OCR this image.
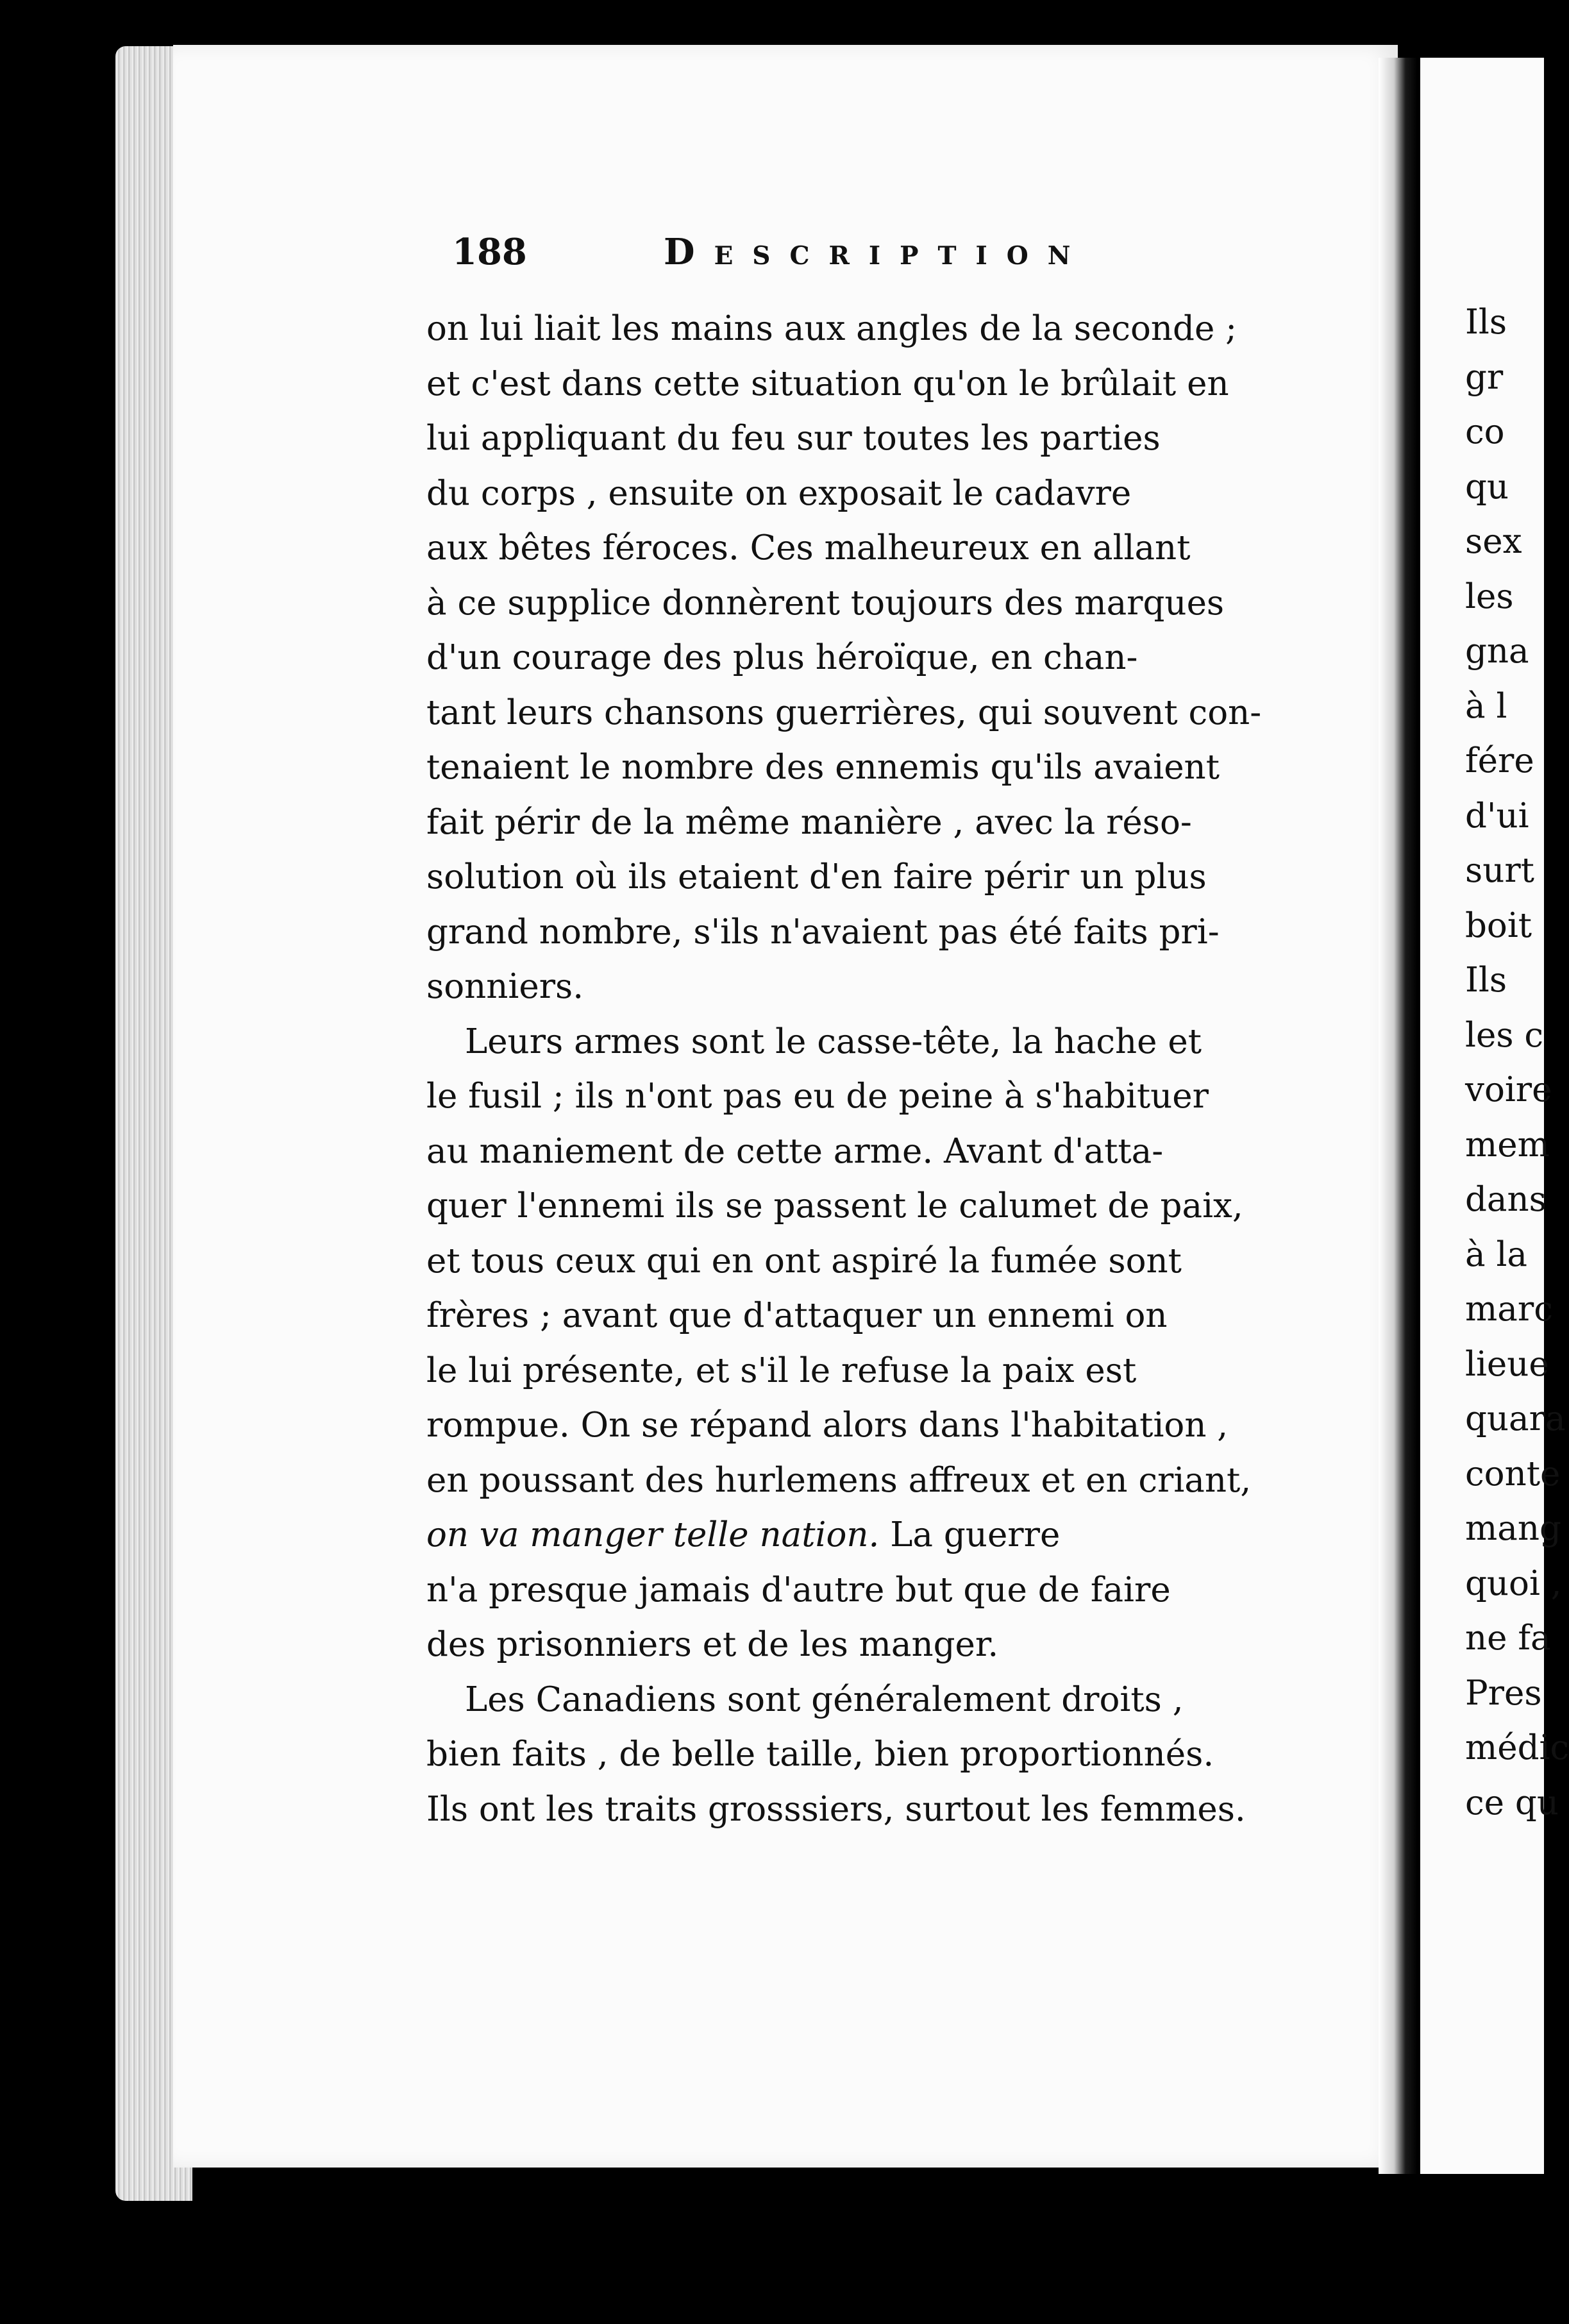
188	Description

on lui liait les mains aux angles de la seconde ;
et c'est dans cette situation qu'on le brûlait en
lui appliquant du feu sur toutes les parties
du corps , ensuite on exposait le cadavre
aux bêtes féroces. Ces malheureux en allant
à ce supplice donnèrent toujours des marques
d'un courage des plus héroïque, en chan-
tant leurs chansons guerrières, qui souvent con-
tenaient le nombre des ennemis qu'ils avaient
fait périr de la même manière , avec la réso-
solution où ils etaient d'en faire périr un plus
grand nombre, s'ils n'avaient pas été faits pri-
sonniers.

Leurs armes sont le casse-tête, la hache et
le fusil ; ils n'ont pas eu de peine à s'habituer
au maniement de cette arme. Avant d'atta-
quer l'ennemi ils se passent le calumet de paix,
et tous ceux qui en ont aspiré la fumée sont
frères ; avant que d'attaquer un ennemi on
le lui présente, et s'il le refuse la paix est
rompue. On se répand alors dans l'habitation ,
en poussant des hurlemens affreux et en criant,
on va manger telle nation. La guerre
n'a presque jamais d'autre but que de faire
des prisonniers et de les manger.

Les Canadiens sont généralement droits ,
bien faits , de belle taille, bien proportionnés.
Ils ont les traits grosssiers, surtout les femmes.

Ils
gr
co
qu
sex
les
gna
à l
fére
d'ui
surt
boit
Ils
les c
voire
mem
dans
à la
marc
lieue
quara
conte
mang
quoi ,
ne fa
Pres
médic
ce qu
